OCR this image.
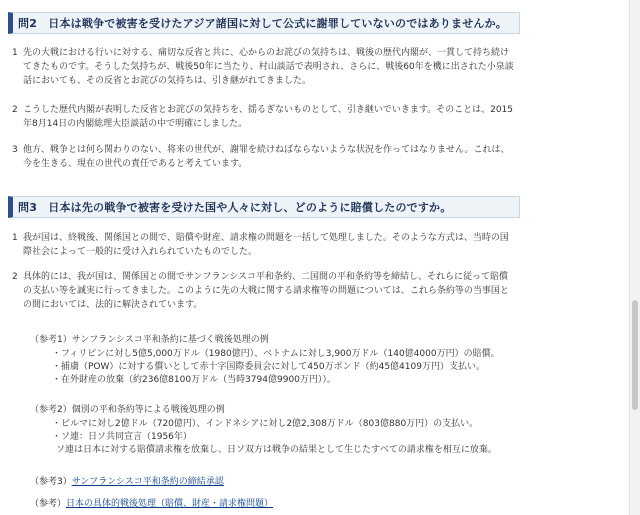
問2　日本は戦争で被害を受けたアジア諸国に対して公式に謝罪していないのではありませんか。
1 先の大戦における行いに対する、痛切な反省と共に、心からのお詫びの気持ちは、戦後の歴代内閣が、一貫して持ち続け
てきたものです。そうした気持ちが、戦後50年に当たり、村山談話で表明され、さらに、戦後60年を機に出された小泉談
話においても、その反省とお詫びの気持ちは、引き継がれてきました。
2 こうした歴代内閣が表明した反省とお詫びの気持ちを、揺るぎないものとして、引き継いでいきます。そのことは、2015
年8月14日の内閣総理大臣談話の中で明確にしました。
3 他方、戦争とは何ら関わりのない、将来の世代が、謝罪を続けねばならないような状況を作ってはなりません。これは、
今を生きる、現在の世代の責任であると考えています。
問3　日本は先の戦争で被害を受けた国や人々に対し、どのように賠償したのですか。
1 我が国は、終戦後、関係国との間で、賠償や財産、請求権の問題を一括して処理しました。そのような方式は、当時の国
際社会によって一般的に受け入れられていたものでした。
2 具体的には、我が国は、関係国との間でサンフランシスコ平和条約、二国間の平和条約等を締結し、それらに従って賠償
の支払い等を誠実に行ってきました。このように先の大戦に関する請求権等の問題については、これら条約等の当事国と
の間においては、法的に解決されています。
（参考1）サンフランシスコ平和条約に基づく戦後処理の例
・フィリピンに対し5億5,000万ドル（1980億円）、ベトナムに対し3,900万ドル（140億4000万円）の賠償。
・捕虜（POW）に対する償いとして赤十字国際委員会に対して450万ポンド（約45億4109万円）支払い。
・在外財産の放棄（約236億8100万ドル（当時3794億9900万円））。
（参考2）個別の平和条約等による戦後処理の例
・ビルマに対し2億ドル（720億円）、インドネシアに対し2億2,308万ドル（803億880万円）の支払い。
・ソ連：日ソ共同宣言（1956年）
ソ連は日本に対する賠償請求権を放棄し、日ソ双方は戦争の結果として生じたすべての請求権を相互に放棄。
（参考3）サンフランシスコ平和条約の締結承認
（参考）日本の具体的戦後処理（賠償、財産・請求権問題）
